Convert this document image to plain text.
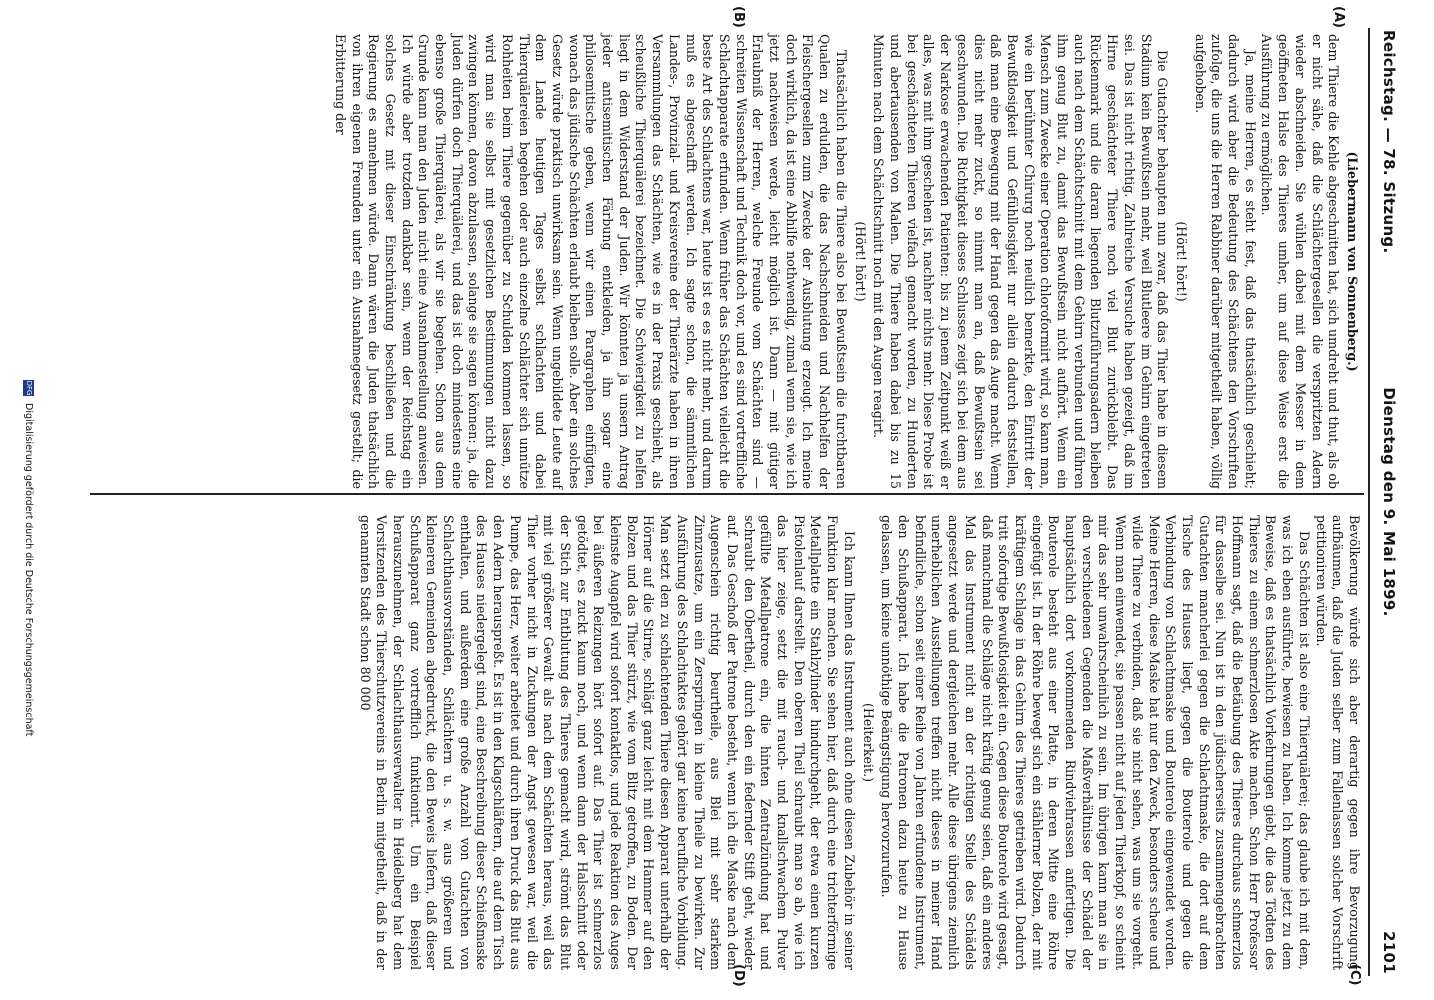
Reichstag. — 78. Sitzung.
Dienstag den 9. Mai 1899.
2101
(A)
(B)
(C)
(D)

(Liebermann von Sonnenberg.)

dem Thiere die Kehle abgeschnitten hat, sich umdreht und thut, als ob er nicht sähe, daß die Schlächtergesellen die verspritzten Adern wieder abschneiden. Sie wühlen dabei mit dem Messer in dem geöffneten Halse des Thieres umher, um auf diese Weise erst die Ausführung zu ermöglichen.

Ja, meine Herren, es steht fest, daß das thatsächlich geschieht; dadurch wird aber die Bedeutung des Schächtens den Vorschriften zufolge, die uns die Herren Rabbiner darüber mitgetheilt haben, völlig aufgehoben.

(Hört! hört!)

Die Gutachter behaupten nun zwar, daß das Thier habe in diesem Stadium kein Bewußtsein mehr, weil Blutleere im Gehirn eingetreten sei. Das ist nicht richtig. Zahlreiche Versuche haben gezeigt, daß im Hirne geschächteter Thiere noch viel Blut zurückbleibt. Das Rückenmark und die daran liegenden Blutzuführungsadern bleiben auch nach dem Schächtschnitt mit dem Gehirn verbunden und führen ihm genug Blut zu, damit das Bewußtsein nicht aufhört. Wenn ein Mensch zum Zwecke einer Operation chloroformirt wird, so kann man, wie ein berühmter Chirurg noch neulich bemerkte, den Eintritt der Bewußtlosigkeit und Gefühllosigkeit nur allein dadurch feststellen, daß man eine Bewegung mit der Hand gegen das Auge macht. Wenn dies nicht mehr zuckt, so nimmt man an, daß Bewußtsein sei geschwunden. Die Richtigkeit dieses Schlusses zeigt sich bei dem aus der Narkose erwachenden Patienten: bis zu jenem Zeitpunkt weiß er alles, was mit ihm geschehen ist, nachher nichts mehr. Diese Probe ist bei geschächteten Thieren vielfach gemacht worden, zu Hunderten und abertausenden von Malen. Die Thiere haben dabei bis zu 15 Minuten nach dem Schächtschnitt noch mit den Augen reagirt.

(Hört! hört!)

Thatsächlich haben die Thiere also bei Bewußtsein die furchtbaren Qualen zu erdulden, die das Nachschneiden und Nachhelfen der Fleischergesellen zum Zwecke der Ausblutung erzeugt. Ich meine doch wirklich, da ist eine Abhilfe nothwendig, zumal wenn sie, wie ich jetzt nachweisen werde, leicht möglich ist. Dann — mit gütiger Erlaubniß der Herren, welche Freunde vom Schächten sind — schreiten Wissenschaft und Technik doch vor, und es sind vortreffliche Schlachtapparate erfunden. Wenn früher das Schächten vielleicht die beste Art des Schlachtens war, heute ist es es nicht mehr, und darum muß es abgeschafft werden. Ich sagte schon, die sämmtlichen Landes-, Provinzial- und Kreisvereine der Thierärzte haben in ihren Versammlungen das Schächten, wie es in der Praxis geschieht, als scheußliche Thierquälerei bezeichnet. Die Schwierigkeit zu helfen liegt in dem Widerstand der Juden. Wir könnten ja unsern Antrag jeder antisemitischen Färbung entkleiden, ja ihn sogar eine philosemitische geben, wenn wir einen Paragraphen einfügten, wonach das jüdische Schächten erlaubt bleiben solle. Aber ein solches Gesetz würde praktisch unwirksam sein. Wenn ungebildete Leute auf dem Lande heutigen Tages selbst schlachten und dabei Thierquälereien begehen oder auch einzelne Schlächter sich unnütze Rohheiten beim Thiere gegenüber zu Schulden kommen lassen, so wird man sie selbst mit gesetzlichen Bestimmungen nicht dazu zwingen können, davon abzulassen, solange sie sagen können: ja, die Juden dürfen doch Thierquälerei, und das ist doch mindestens eine ebenso große Thierquälerei, als wir sie begehen. Schon aus dem Grunde kann man den Juden nicht eine Ausnahmestellung anweisen. Ich würde aber trotzdem dankbar sein, wenn der Reichstag ein solches Gesetz mit dieser Einschränkung beschließen und die Regierung es annehmen würde. Dann wären die Juden thatsächlich von ihren eigenen Freunden unter ein Ausnahmegesetz gestellt; die Erbitterung der

Bevölkerung würde sich aber derartig gegen ihre Bevorzugung aufbäumen, daß die Juden selber zum Fallenlassen solcher Vorschrift petitioniren würden.

Das Schächten ist also eine Thierquälerei; das glaube ich mit dem, was ich eben ausführte, bewiesen zu haben. Ich komme jetzt zu dem Beweise, daß es thatsächlich Vorkehrungen giebt, die das Tödten des Thieres zu einem schmerzlosen Akte machen. Schon Herr Professor Hoffmann sagt, daß die Betäubung des Thieres durchaus schmerzlos für dasselbe sei. Nun ist in den jüdischerseits zusammengebrachten Gutachten mancherlei gegen die Schlachtmaske, die dort auf dem Tische des Hauses liegt, gegen die Bouterole und gegen die Verbindung von Schlachtmaske und Bouterole eingewendet worden. Meine Herren, diese Maske hat nur den Zweck, besonders scheue und wilde Thiere zu verbinden, daß sie nicht sehen, was um sie vorgeht. Wenn man einwendet, sie passen nicht auf jeden Thierkopf, so scheint mir das sehr unwahrscheinlich zu sein. Im übrigen kann man sie in den verschiedenen Gegenden die Maßverhältnisse der Schädel der hauptsächlich dort vorkommenden Rindviehrassen anfertigen. Die Bouterole besteht aus einer Platte, in deren Mitte eine Röhre eingefügt ist. In der Röhre bewegt sich ein stählerner Bolzen, der mit kräftigem Schlage in das Gehirn des Thieres getrieben wird. Dadurch tritt sofortige Bewußtlosigkeit ein. Gegen diese Bouterole wird gesagt, daß manchmal die Schläge nicht kräftig genug seien, daß ein anderes Mal das Instrument nicht an der richtigen Stelle des Schädels angesetzt werde und dergleichen mehr. Alle diese übrigens ziemlich unerheblichen Ausstellungen treffen nicht dieses in meiner Hand befindliche, schon seit einer Reihe von Jahren erfundene Instrument, den Schußapparat. Ich habe die Patronen dazu heute zu Hause gelassen, um keine unnöthige Beängstigung hervorzurufen.

(Heiterkeit.)

Ich kann Ihnen das Instrument auch ohne diesen Zubehör in seiner Funktion klar machen. Sie sehen hier, daß durch eine trichterförmige Metallplatte ein Stahlzylinder hindurchgeht, der etwa einen kurzen Pistolenlauf darstellt. Den oberen Theil schraubt man so ab, wie ich das hier zeige, setzt die mit rauch- und knallschwachem Pulver gefüllte Metallpatrone ein, die hinten Zentralzündung hat und schraubt den Obertheil, durch den ein federnder Stift geht, wieder auf. Das Geschoß der Patrone besteht, wenn ich die Maske nach dem Augenschein richtig beurtheile, aus Blei mit sehr starkem Zinnzusatze, um ein Zerspringen in kleine Theile zu bewirken. Zur Ausführung des Schlachtaktes gehört gar keine berufliche Vorbildung. Man setzt den zu schlachtenden Thiere diesen Apparat unterhalb der Hörner auf die Stirne, schlägt ganz leicht mit dem Hammer auf den Bolzen und das Thier stürzt, wie vom Blitz getroffen, zu Boden. Der kleinste Augapfel wird sofort kontaktlos, und jede Reaktion des Auges bei äußeren Reizungen hört sofort auf. Das Thier ist schmerzlos getödtet, es zuckt kaum noch, und wenn dann der Halsschnitt oder der Stich zur Entblutung des Thieres gemacht wird, strömt das Blut mit viel größerer Gewalt als nach dem Schächten heraus, weil das Thier vorher nicht in Zuckungen der Angst gewesen war, weil die Pumpe, das Herz, weiter arbeitet und durch ihren Druck das Blut aus den Adern herauspreßt. Es ist in den Klagschläftern, die auf dem Tisch des Hauses niedergelegt sind, eine Beschreibung dieser Schießmaske enthalten, und außerdem eine große Anzahl von Gutachten von Schlachthausvorständen, Schlächtern u. s. w. aus größeren und kleineren Gemeinden abgedruckt, die den Beweis liefern, daß dieser Schußapparat ganz vortrefflich funktionirt. Um ein Beispiel herauszunehmen, der Schlachthausverwalter in Heidelberg hat dem Vorsitzenden des Thierschutzvereins in Berlin mitgetheilt, daß in der genannten Stadt schon 80 000

DFG Digitalisierung gefördert durch die Deutsche Forschungsgemeinschaft
